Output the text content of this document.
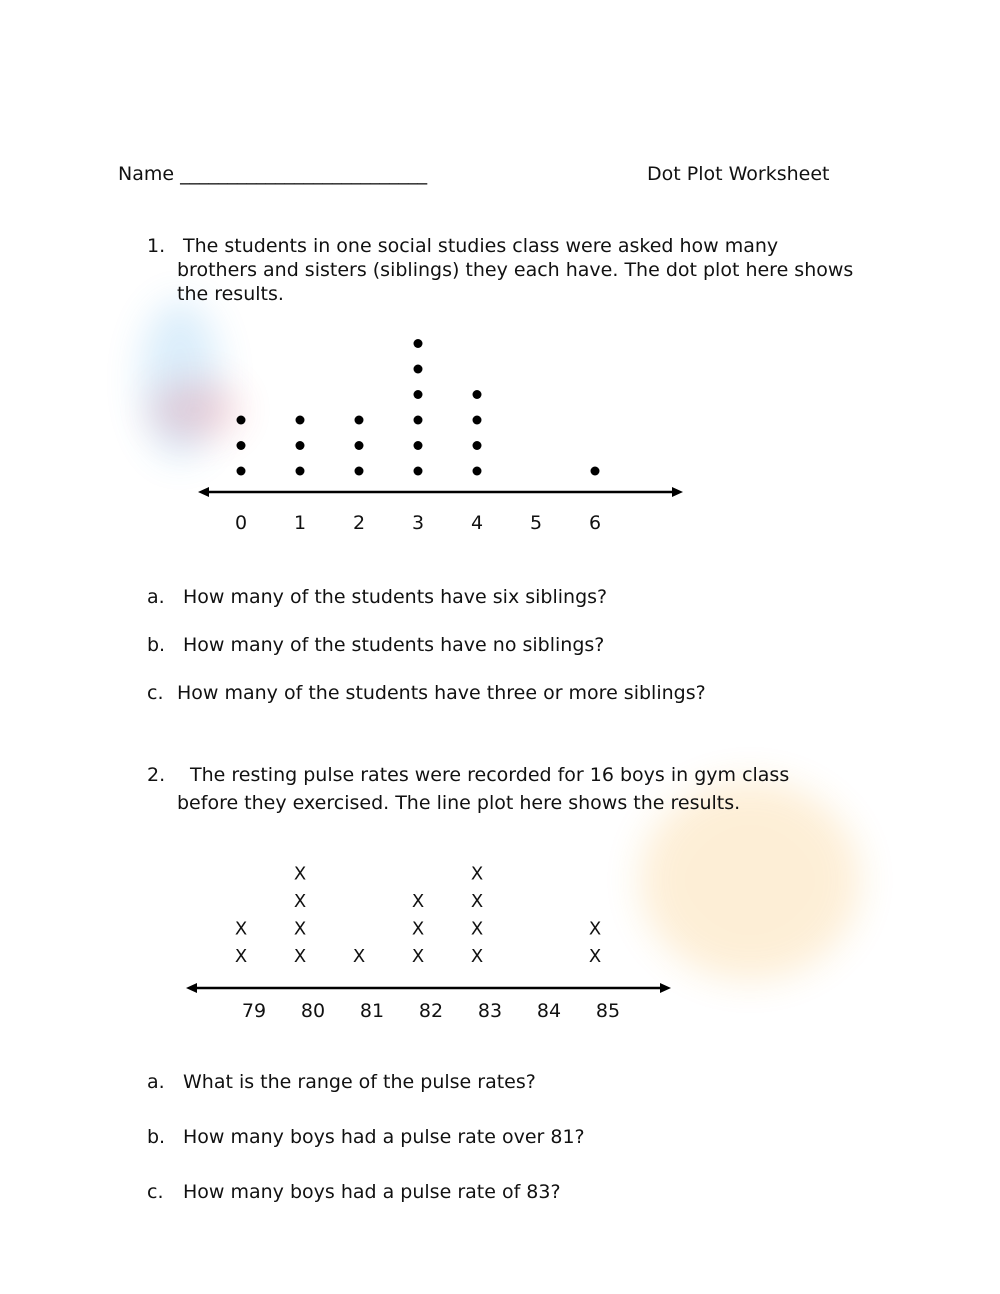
Name __________________________	Dot Plot Worksheet
1. The students in one social studies class were asked how many
brothers and sisters (siblings) they each have. The dot plot here shows
the results.
0 1 2 3 4 5 6
a. How many of the students have six siblings?
b. How many of the students have no siblings?
c. How many of the students have three or more siblings?
2. The resting pulse rates were recorded for 16 boys in gym class
before they exercised. The line plot here shows the results.
79
X
X
80
X
X
X
X
81
X
82
X
X
X
83
X
X
X
X
84 85
X
X
a. What is the range of the pulse rates?
b. How many boys had a pulse rate over 81?
c. How many boys had a pulse rate of 83?
